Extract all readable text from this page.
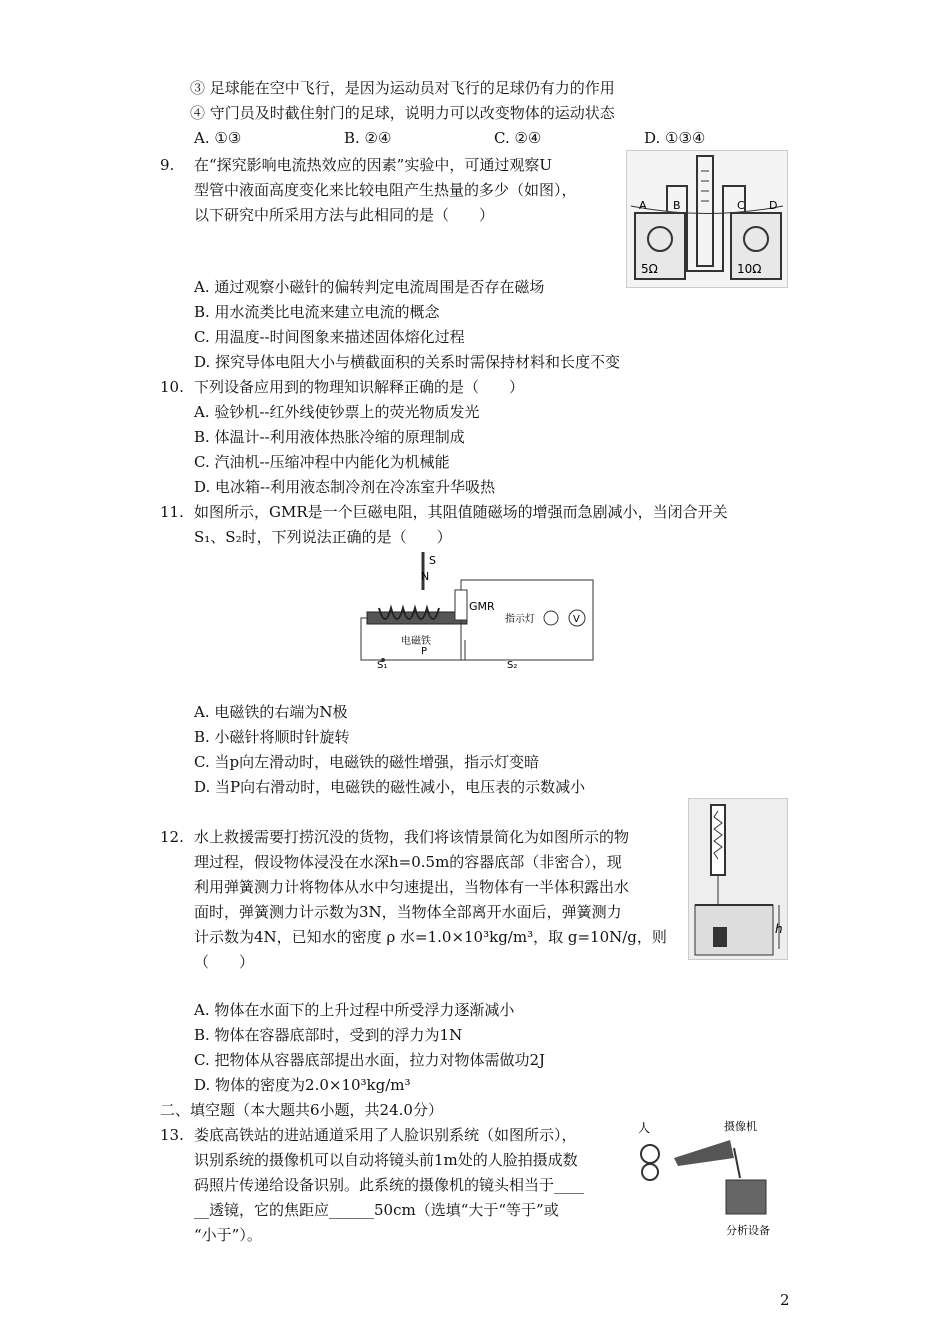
③ 足球能在空中飞行，是因为运动员对飞行的足球仍有力的作用
④ 守门员及时截住射门的足球，说明力可以改变物体的运动状态
A. ①③	B. ②④	C. ②④	D. ①③④
9. 在“探究影响电流热效应的因素”实验中，可通过观察U
型管中液面高度变化来比较电阻产生热量的多少（如图），
以下研究中所采用方法与此相同的是（　　）
A B	C D
5Ω	10Ω
A. 通过观察小磁针的偏转判定电流周围是否存在磁场
B. 用水流类比电流来建立电流的概念
C. 用温度--时间图象来描述固体熔化过程
D. 探究导体电阻大小与横截面积的关系时需保持材料和长度不变
10. 下列设备应用到的物理知识解释正确的是（　　）
A. 验钞机--红外线使钞票上的荧光物质发光
B. 体温计--利用液体热胀冷缩的原理制成
C. 汽油机--压缩冲程中内能化为机械能
D. 电冰箱--利用液态制冷剂在冷冻室升华吸热
11. 如图所示，GMR是一个巨磁电阻，其阻值随磁场的增强而急剧减小，当闭合开关
S₁、S₂时，下列说法正确的是（　　）
S
N
电磁铁
P
S₁
GMR
指示灯	V
S₂
A. 电磁铁的右端为N极
B. 小磁针将顺时针旋转
C. 当p向左滑动时，电磁铁的磁性增强，指示灯变暗
D. 当P向右滑动时，电磁铁的磁性减小，电压表的示数减小
12. 水上救援需要打捞沉没的货物，我们将该情景简化为如图所示的物
理过程，假设物体浸没在水深h=0.5m的容器底部（非密合），现
利用弹簧测力计将物体从水中匀速提出，当物体有一半体积露出水
面时，弹簧测力计示数为3N，当物体全部离开水面后，弹簧测力
计示数为4N，已知水的密度 ρ 水=1.0×10³kg/m³，取 g=10N/g，则
（　　）
h
A. 物体在水面下的上升过程中所受浮力逐渐减小
B. 物体在容器底部时，受到的浮力为1N
C. 把物体从容器底部提出水面，拉力对物体需做功2J
D. 物体的密度为2.0×10³kg/m³
二、填空题（本大题共6小题，共24.0分）
13. 娄底高铁站的进站通道采用了人脸识别系统（如图所示），
识别系统的摄像机可以自动将镜头前1m处的人脸拍摄成数
码照片传递给设备识别。此系统的摄像机的镜头相当于____
__透镜，它的焦距应______50cm（选填“大于“等于”或
“小于”）。
人	摄像机
分析设备
2
